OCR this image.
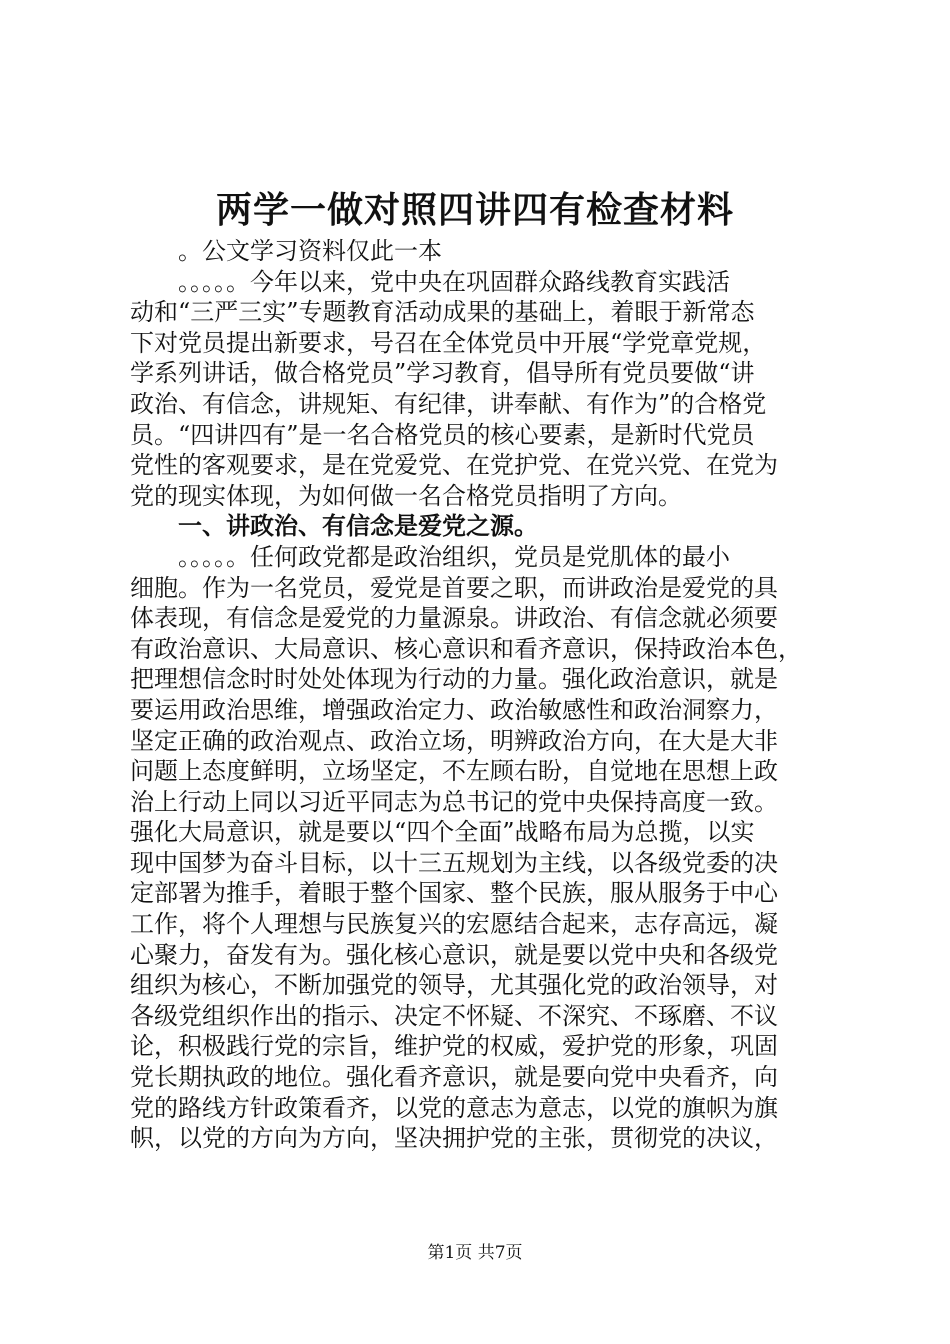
两学一做对照四讲四有检查材料
。公文学习资料仅此一本
。。。。。今年以来，党中央在巩固群众路线教育实践活
动和“三严三实”专题教育活动成果的基础上，着眼于新常态
下对党员提出新要求，号召在全体党员中开展“学党章党规，
学系列讲话，做合格党员”学习教育，倡导所有党员要做“讲
政治、有信念，讲规矩、有纪律，讲奉献、有作为”的合格党
员。“四讲四有”是一名合格党员的核心要素，是新时代党员
党性的客观要求，是在党爱党、在党护党、在党兴党、在党为
党的现实体现，为如何做一名合格党员指明了方向。
一、讲政治、有信念是爱党之源。
。。。。。任何政党都是政治组织，党员是党肌体的最小
细胞。作为一名党员，爱党是首要之职，而讲政治是爱党的具
体表现，有信念是爱党的力量源泉。讲政治、有信念就必须要
有政治意识、大局意识、核心意识和看齐意识，保持政治本色，
把理想信念时时处处体现为行动的力量。强化政治意识，就是
要运用政治思维，增强政治定力、政治敏感性和政治洞察力，
坚定正确的政治观点、政治立场，明辨政治方向，在大是大非
问题上态度鲜明，立场坚定，不左顾右盼，自觉地在思想上政
治上行动上同以习近平同志为总书记的党中央保持高度一致。
强化大局意识，就是要以“四个全面”战略布局为总揽，以实
现中国梦为奋斗目标，以十三五规划为主线，以各级党委的决
定部署为推手，着眼于整个国家、整个民族，服从服务于中心
工作，将个人理想与民族复兴的宏愿结合起来，志存高远，凝
心聚力，奋发有为。强化核心意识，就是要以党中央和各级党
组织为核心，不断加强党的领导，尤其强化党的政治领导，对
各级党组织作出的指示、决定不怀疑、不深究、不琢磨、不议
论，积极践行党的宗旨，维护党的权威，爱护党的形象，巩固
党长期执政的地位。强化看齐意识，就是要向党中央看齐，向
党的路线方针政策看齐，以党的意志为意志，以党的旗帜为旗
帜，以党的方向为方向，坚决拥护党的主张，贯彻党的决议，
第1页 共7页
